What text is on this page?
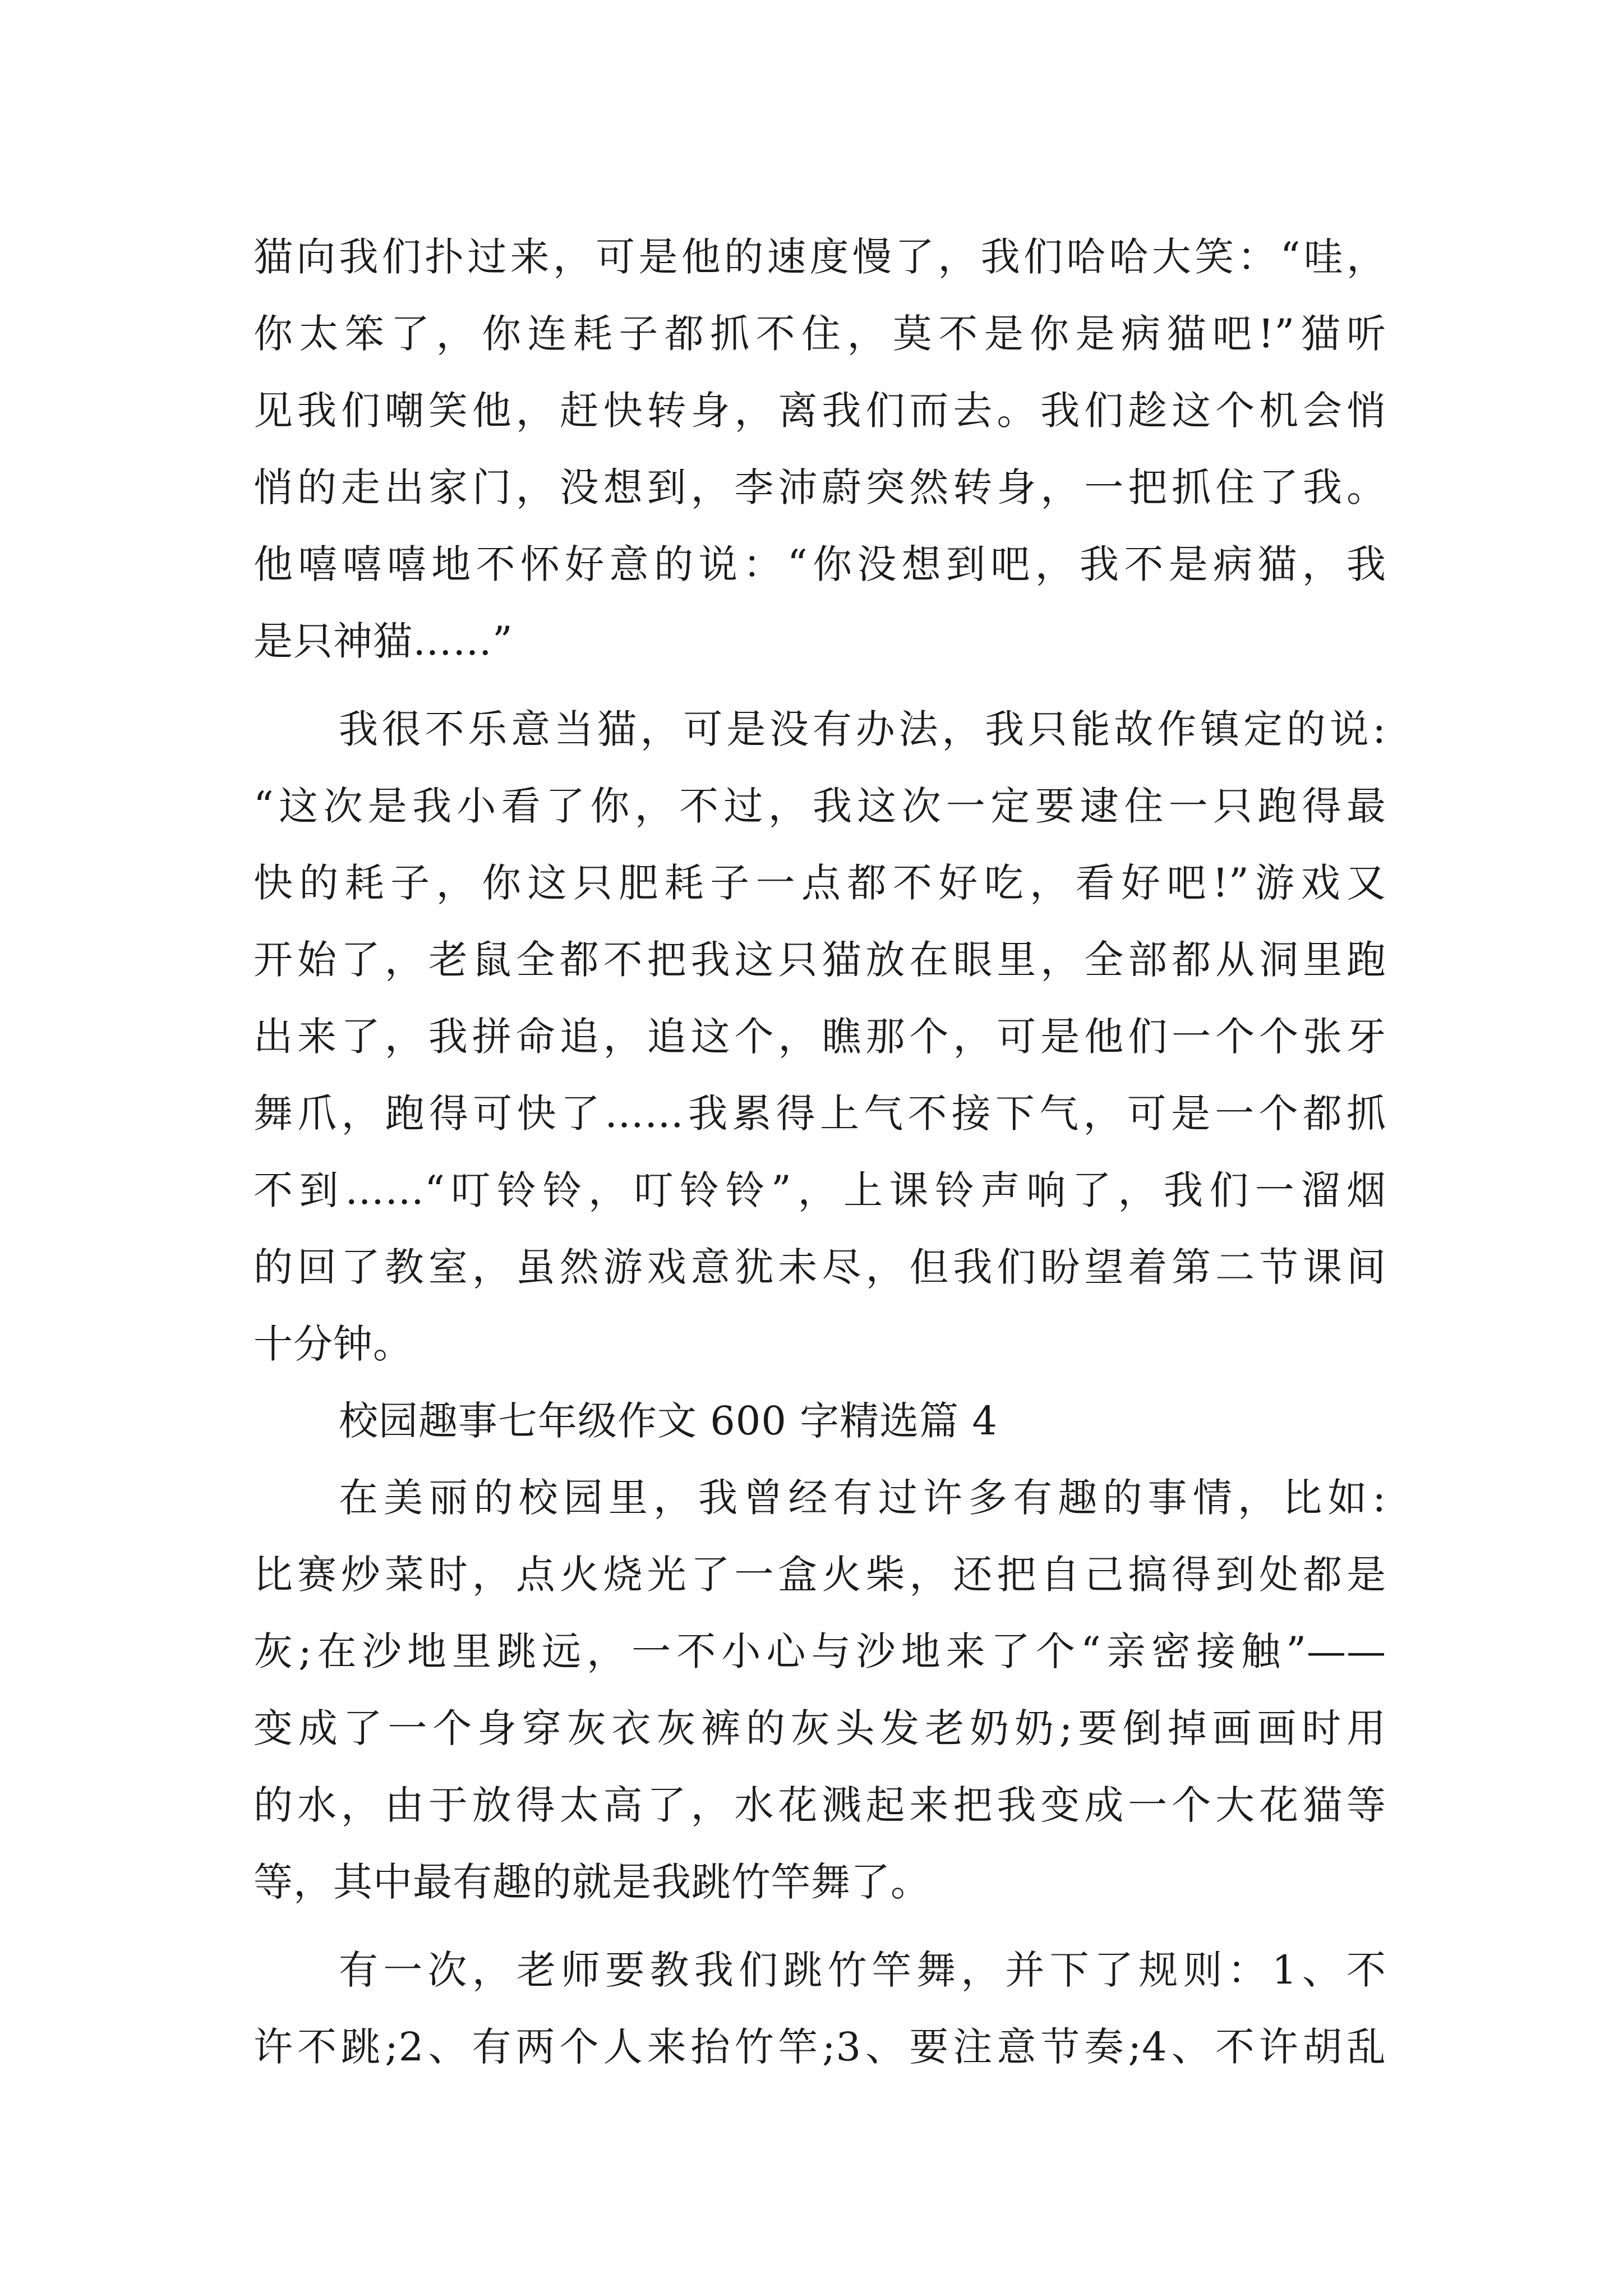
猫向我们扑过来，可是他的速度慢了，我们哈哈大笑：“哇，
你太笨了，你连耗子都抓不住，莫不是你是病猫吧!”猫听
见我们嘲笑他，赶快转身，离我们而去。我们趁这个机会悄
悄的走出家门，没想到，李沛蔚突然转身，一把抓住了我。
他嘻嘻嘻地不怀好意的说：“你没想到吧，我不是病猫，我
是只神猫……”
我很不乐意当猫，可是没有办法，我只能故作镇定的说:
“这次是我小看了你，不过，我这次一定要逮住一只跑得最
快的耗子，你这只肥耗子一点都不好吃，看好吧!”游戏又
开始了，老鼠全都不把我这只猫放在眼里，全部都从洞里跑
出来了，我拼命追，追这个，瞧那个，可是他们一个个张牙
舞爪，跑得可快了……我累得上气不接下气，可是一个都抓
不到……“叮铃铃，叮铃铃”，上课铃声响了，我们一溜烟
的回了教室，虽然游戏意犹未尽，但我们盼望着第二节课间
十分钟。
校园趣事七年级作文 600 字精选篇 4
在美丽的校园里，我曾经有过许多有趣的事情，比如:
比赛炒菜时，点火烧光了一盒火柴，还把自己搞得到处都是
灰;在沙地里跳远，一不小心与沙地来了个“亲密接触”——
变成了一个身穿灰衣灰裤的灰头发老奶奶;要倒掉画画时用
的水，由于放得太高了，水花溅起来把我变成一个大花猫等
等，其中最有趣的就是我跳竹竿舞了。
有一次，老师要教我们跳竹竿舞，并下了规则：1、不
许不跳;2、有两个人来抬竹竿;3、要注意节奏;4、不许胡乱
